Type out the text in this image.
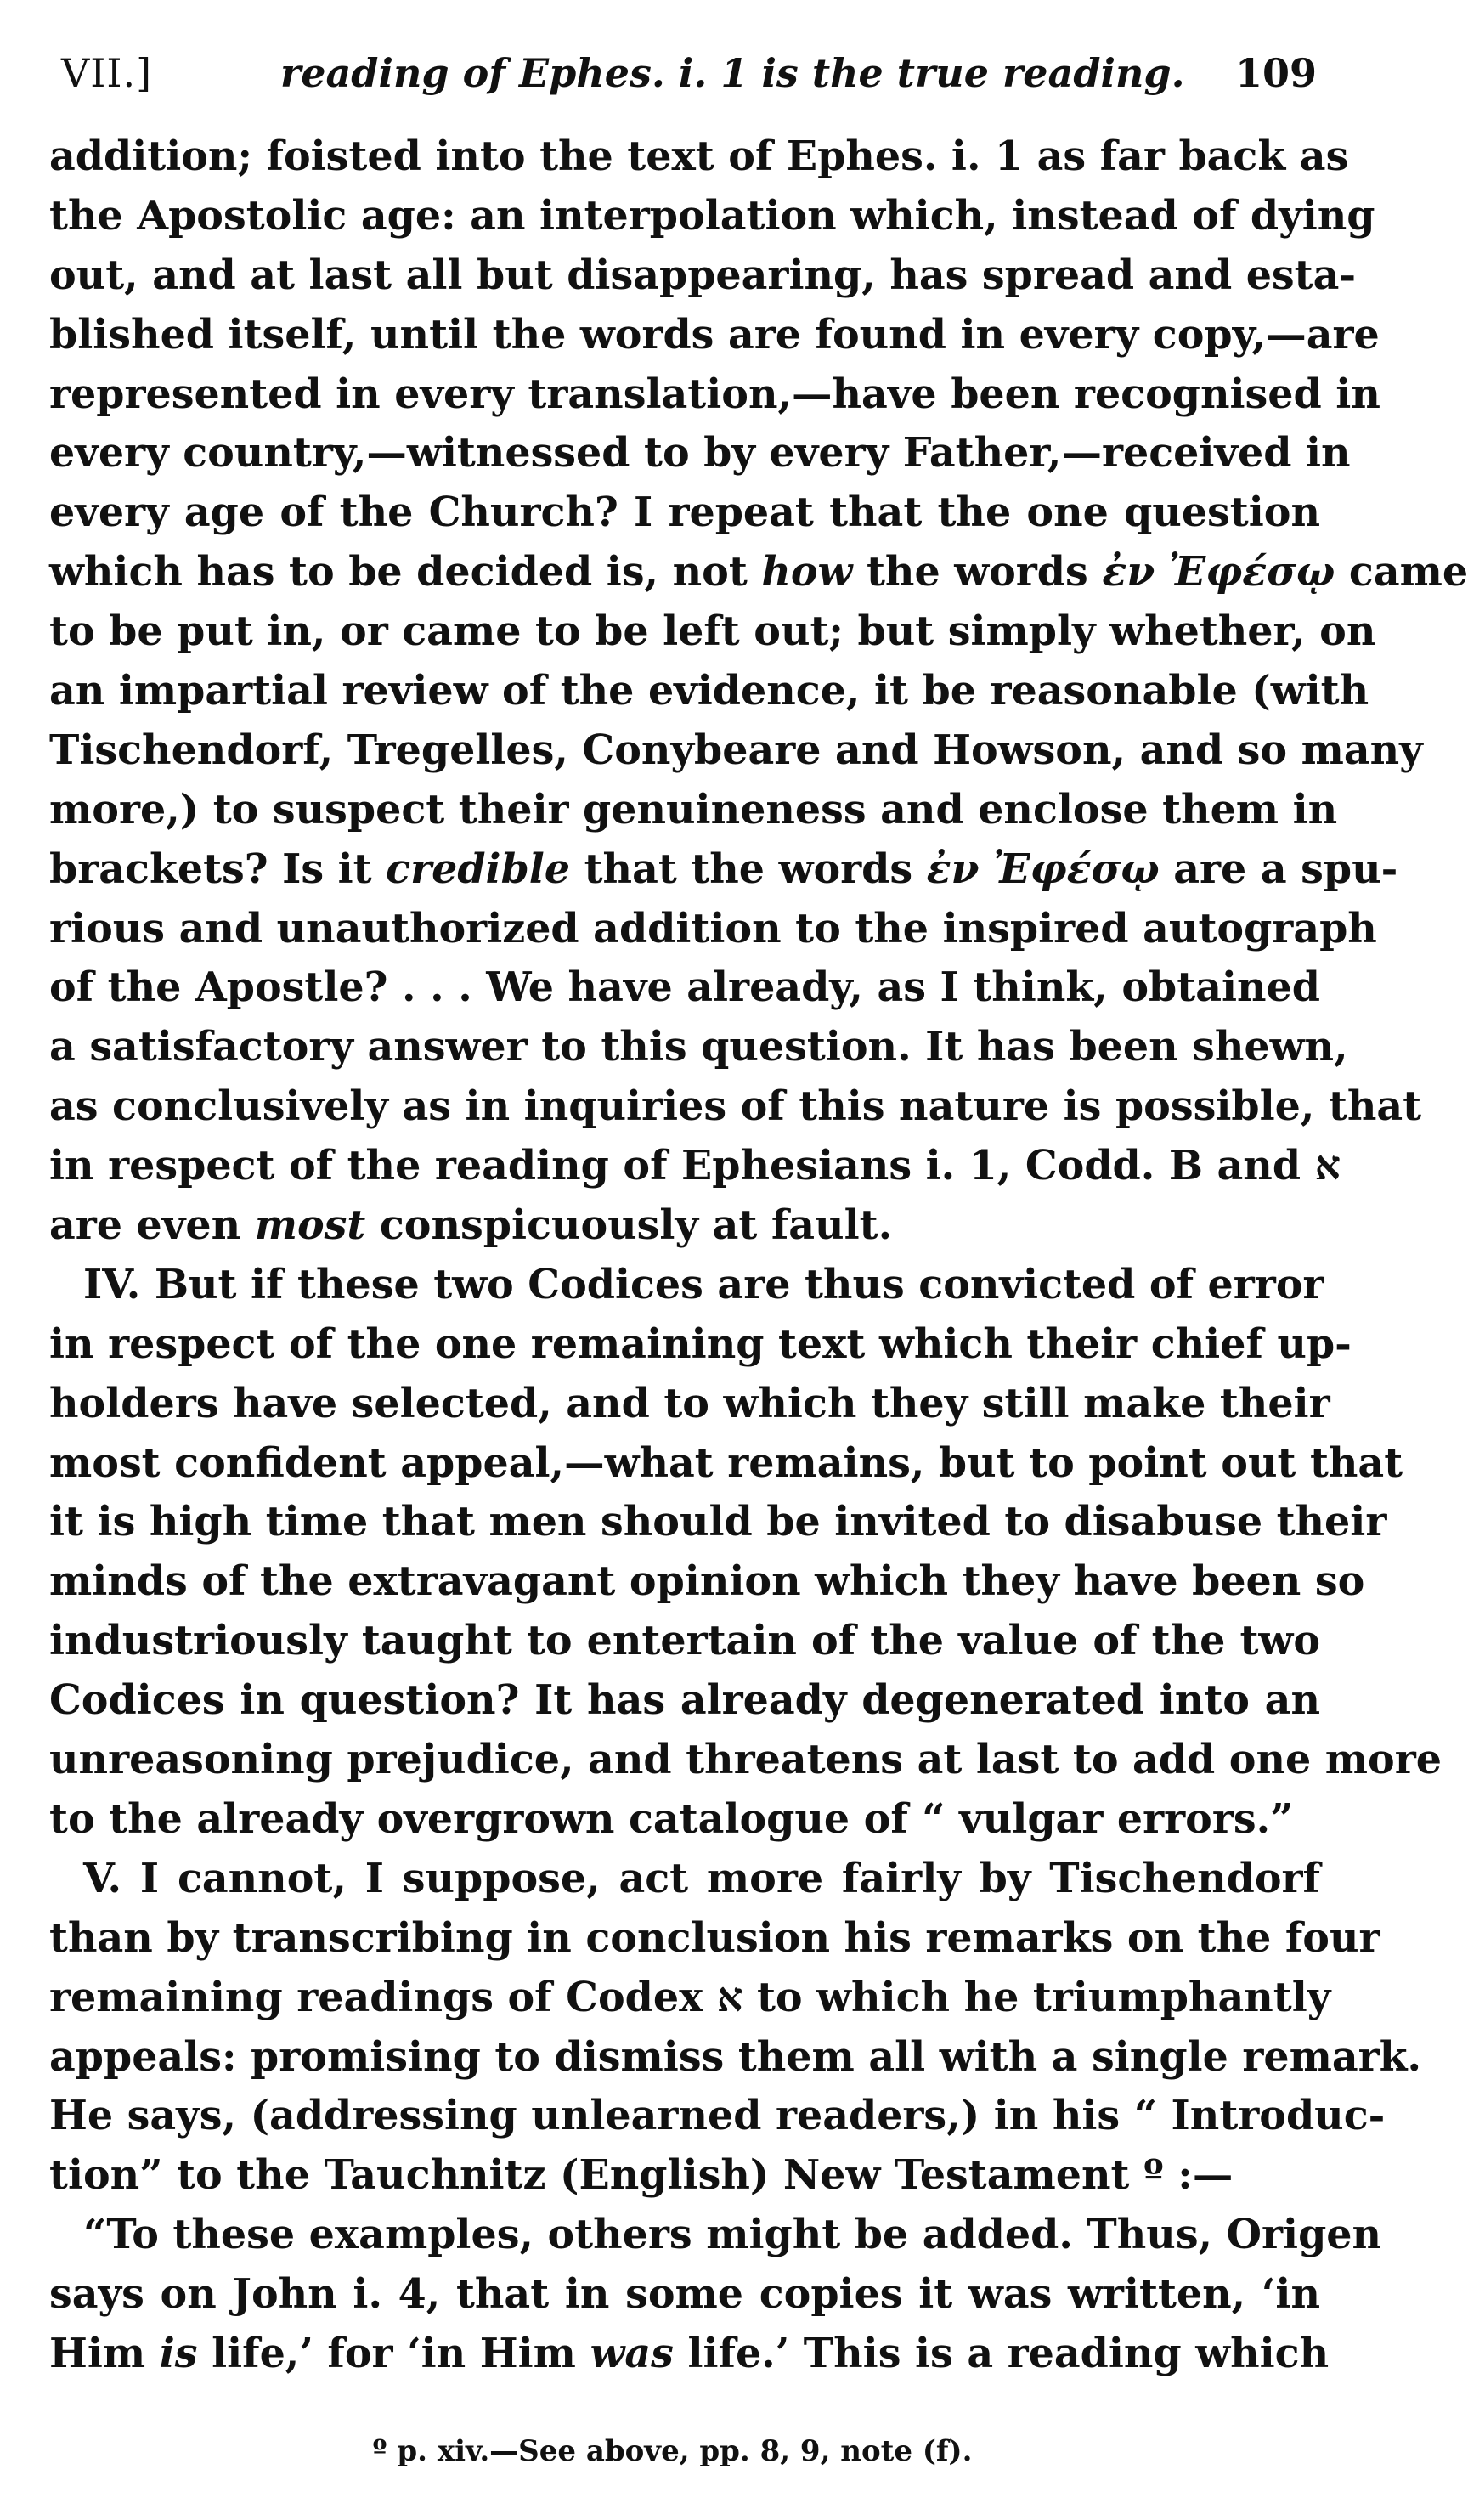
VII.]	reading of Ephes. i. 1 is the true reading. 109
addition; foisted into the text of Ephes. i. 1 as far back as
the Apostolic age: an interpolation which, instead of dying
out, and at last all but disappearing, has spread and esta-
blished itself, until the words are found in every copy,—are
represented in every translation,—have been recognised in
every country,—witnessed to by every Father,—received in
every age of the Church? I repeat that the one question
which has to be decided is, not how the words ἐν Ἐφέσῳ came
to be put in, or came to be left out; but simply whether, on
an impartial review of the evidence, it be reasonable (with
Tischendorf, Tregelles, Conybeare and Howson, and so many
more,) to suspect their genuineness and enclose them in
brackets? Is it credible that the words ἐν Ἐφέσῳ are a spu-
rious and unauthorized addition to the inspired autograph
of the Apostle? . . . We have already, as I think, obtained
a satisfactory answer to this question. It has been shewn,
as conclusively as in inquiries of this nature is possible, that
in respect of the reading of Ephesians i. 1, Codd. B and א
are even most conspicuously at fault.
IV. But if these two Codices are thus convicted of error
in respect of the one remaining text which their chief up-
holders have selected, and to which they still make their
most confident appeal,—what remains, but to point out that
it is high time that men should be invited to disabuse their
minds of the extravagant opinion which they have been so
industriously taught to entertain of the value of the two
Codices in question? It has already degenerated into an
unreasoning prejudice, and threatens at last to add one more
to the already overgrown catalogue of “ vulgar errors.”
V. I cannot, I suppose, act more fairly by Tischendorf
than by transcribing in conclusion his remarks on the four
remaining readings of Codex א to which he triumphantly
appeals: promising to dismiss them all with a single remark.
He says, (addressing unlearned readers,) in his “ Introduc-
tion” to the Tauchnitz (English) New Testament º :—
“To these examples, others might be added. Thus, Origen
says on John i. 4, that in some copies it was written, ‘in
Him is life,’ for ‘in Him was life.’ This is a reading which
º p. xiv.—See above, pp. 8, 9, note (f).
